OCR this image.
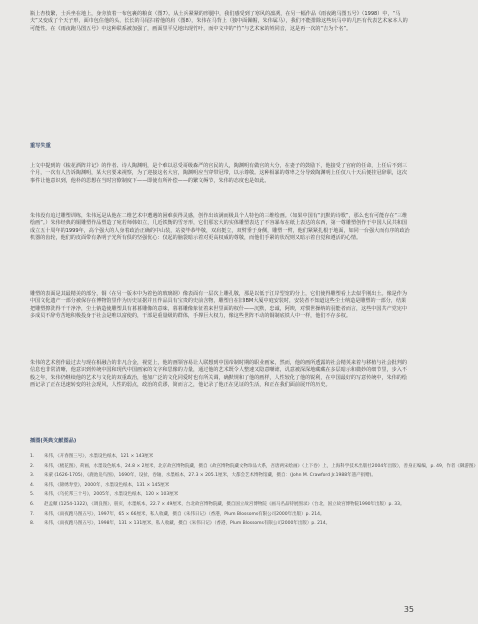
瓶上杏枝繁，士兵坐在地上，身旁放着一布包裹的粮食（图7）。从土兵紧紧的形腿中，我们感受到了寒风的凛冽，在另一幅作品《雨夜跑马图五号》（1998）中，“马夫”又变成了个天子形，面巾包住他的头，长长的马尾扫着他的肩（图8），朱伟在马背上（独中面佩帽，朱伟属马），我们不能排除这些玩马中的几匹有代表艺术家本人的可能性。在《雨夜跑马图五号》中这种联系被加强了，画面里平兄地出现竹叶，而中文中的“竹”与艺术家的姓同音，这是再一次的“吉为个名”。

重写失重

上文中提到的《梳花酒阵并记》的作者、诗人陶渊明，是个难以忍受哥级森严的官民的人，陶渊明有做官的大分，在妻子的鼓励下，他接受了官府的任命，上任后不到三个月，一次有人告诉陶渊明，某大官要来视察，为了迎接这名大官，陶渊明应当穿带冠带，以示尊敬。这种相暴的尊卑之分导致陶渊明上任仅八十天后便挂冠辞职，这次事件让他意识到，他朴的思想在当时宫僚制度下——即使有所补偿——的繁文缛节，朱伟的态度也是如此。

朱伟没有追过雕塑训练，朱伟远是从他在二维艺术中遭遇的困难获得灵感，创作出该满而极具个人特色的三维绘画。（如果中国有“沉默的诗歌”，那么也有可能存在“三维绘画”。）朱伟经典的铜雕塑作品塑造了宛若师韩如立，几近铁衡的雪牙形，它们那宏大的实体雕塑表达了不容暴布在纸上表达的东西，第一尊雕塑创作于中国人民共和国成立五十周年的1999年，高个强大的人身着政治正确的中山装，站姿毕恭毕敬，双肩挺立，双臂垂于身侧，雕塑一臂，他们紧紧扎根于地面，如同一台强大而有序的政治机器的齿轮，他们的皮面带有条明子光所有俱的坚强优心：仅起的脑袋暗示着对更高权威的尊敬，而他们手紧的状况则又暗示着自觉和遵活的心情。

雕塑的表面是其最精美的部分，铜（在另一版本中为着色的玻璃钢）像表面有一层次上雕孔敬，那是以低于江岸型宽的分上，它们使得雕塑看上去似乎刚出土。像是作为中国文化遗产一部分被保存在博物馆里作为历史证据并且作品具有宝贵的史前含物，雕塑自在旧IBM大厦中庭安装时，安装者不知道这些尘士纳造是雕塑的一部分，结果把雕塑擦洗得干干净净，尘土钠造使雕塑具有暮暮雕像的意味，暮暮雕像象征着来世里面的权什——沉默，忠诚，阿谀，对惯世操纳的羽能者而言，这些中国共产党宪中多成员不辞劳苦地积极投身于社会是唯以富使的，干部是重量级的群体，手撑巨大权力，像这些世阵不动的铜制底铁人中一样，他们不存多权。

朱伟的艺术创作最过去与现在相融合的非凡合金，视觉上，他的画领容易让人联想到中国帝制时期的职业画家，然而，他的画所透露的社会精英来着与移植与社会批判的信息也非常清晰，他意识到传统中国和现代中国画家的文字和思像的力量，通过他的艺术既令人整速又隐意嘲谑，讥意被深深地藏藏在多层暗示和微妙的细节里，步入不般之年，朱伟仍继续他的艺术与文化的双重政治，他加广泛的文化同爱时也有所关调，确默规和了他的画样，人性较化了他的锐利，在中国最好的写意传统中，朱伟的绘画记录了正在迅速转变的社会现风，人性的弱点，政治的荒谬，简而言之，他记录了他正在见证的生活，和正在我们面前展开的历史。

插图(英典文献图品)
1.	朱伟，《开春图三号》，水墨设色纸本，121 × 143厘米
2.	朱伟，《梳花图》，荷画，水墨设色纸本，24.8 × 2厘米，北京故宫博物院藏，摄自《故宫博物院藏文物珍品大系，吾唐两宋绘画》（上下卷）上，上海科学技术出版社2004年出版），善身正编编，p. 49，作者《御游图》
3.	朱蒙 (1626-1705)，《鹿池凫鸟图》，1690年，设扯，卷轴，水墨纸本，27.3 × 205.1厘米，大都会艺术博物馆藏，摄自：(John M. Crawford Jr.1988年遗产捐赠)。
4.	朱伟，《锦绣寿堂》，2000年，水墨设色纸本，131 × 145厘米
5.	朱伟，《乌托邦三十号》，2005年，水墨设色纸本，120 × 103厘米
6.	赵孟頫 (1254-1322)，《调良图》，册页，水墨纸本，22.7 × 49厘米，台北故宫博物院藏，摄自国立故宫博物院《画马名品特展图录》（台北，国立故宫博物院1990年出版）p. 33。
7.	朱伟，《雨夜跑马图五号》，1997年，65 × 66厘米，私人收藏，摄自《朱伟日记》（香港，Plum Blossoms有限公司2000年出版）p. 214。
8.	朱伟，《雨夜跑马图五号》，1998年，131 × 131厘米，私人收藏，摄自《朱伟日记》（香港，Plum Blossoms有限公司2000年出版）p. 214。
35
